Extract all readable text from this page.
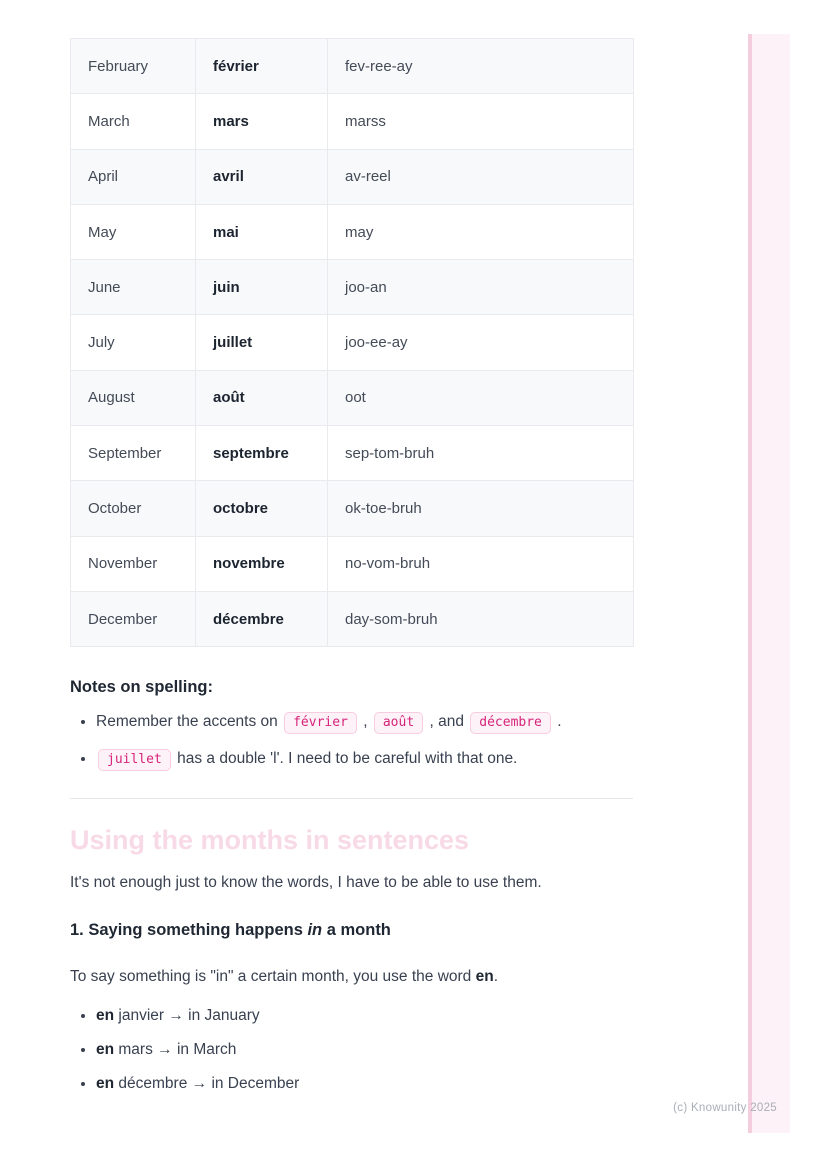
February	février	fev-ree-ay
March	mars	marss
April	avril	av-reel
May	mai	may
June	juin	joo-an
July	juillet	joo-ee-ay
August	août	oot
September	septembre	sep-tom-bruh
October	octobre	ok-toe-bruh
November	novembre	no-vom-bruh
December	décembre	day-som-bruh
Notes on spelling:
• Remember the accents on février , août , and décembre .
• juillet has a double 'l'. I need to be careful with that one.
Using the months in sentences

It's not enough just to know the words, I have to be able to use them.

1. Saying something happens in a month

To say something is "in" a certain month, you use the word en.

• en janvier → in January
• en mars → in March
• en décembre → in December
(c) Knowunity 2025
